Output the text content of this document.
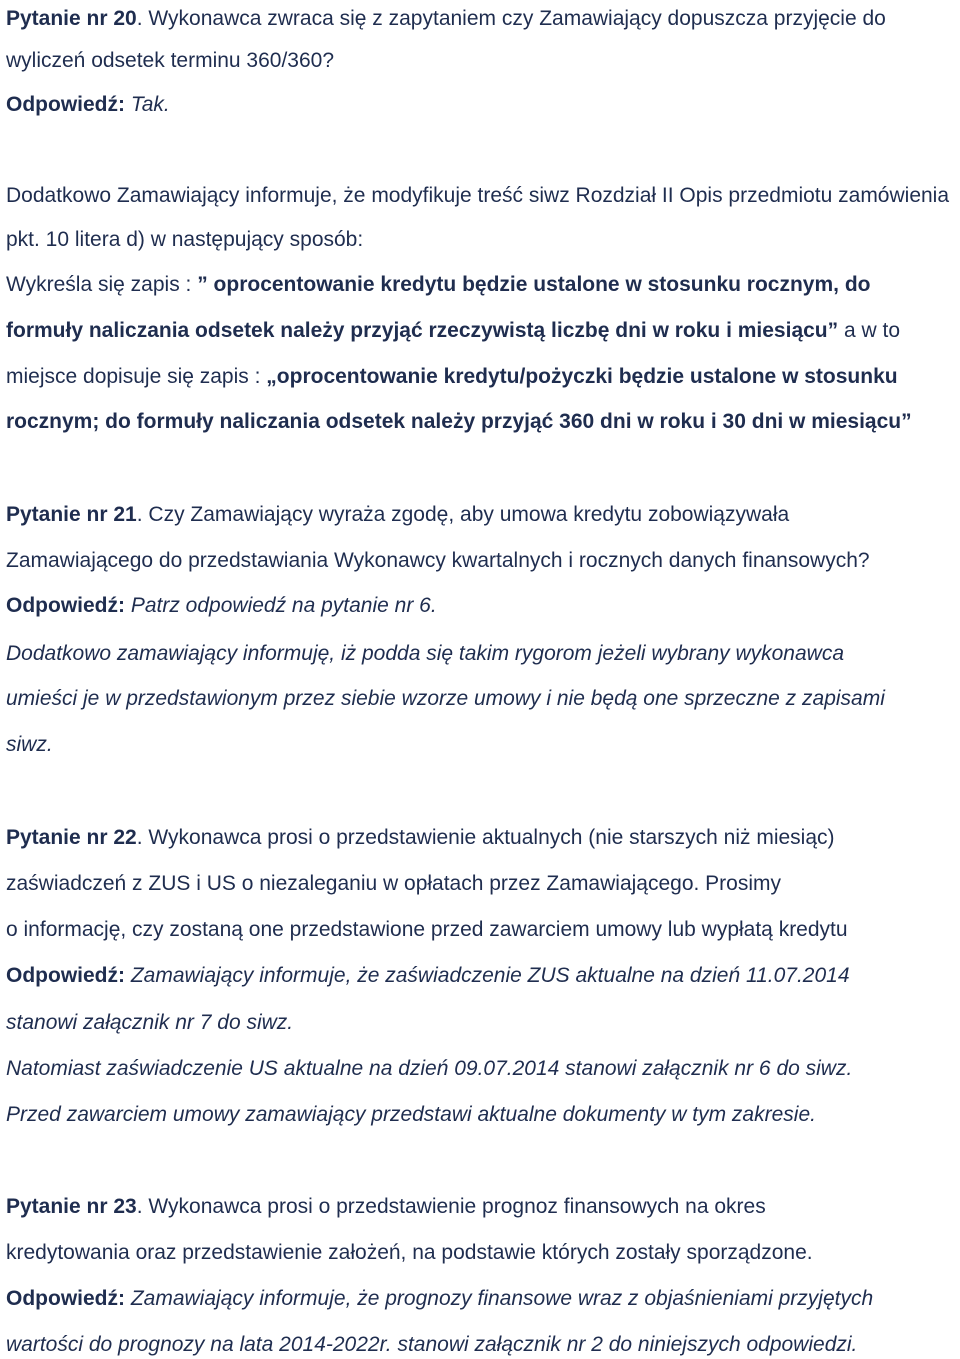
Pytanie nr 20. Wykonawca zwraca się z zapytaniem czy Zamawiający dopuszcza przyjęcie do

wyliczeń odsetek terminu 360/360?

Odpowiedź: Tak.

Dodatkowo Zamawiający informuje, że modyfikuje treść siwz Rozdział II Opis przedmiotu zamówienia

pkt. 10 litera d) w następujący sposób:

Wykreśla się zapis : ” oprocentowanie kredytu będzie ustalone w stosunku rocznym, do

formuły naliczania odsetek należy przyjąć rzeczywistą liczbę dni w roku i miesiącu” a w to

miejsce dopisuje się zapis : „oprocentowanie kredytu/pożyczki będzie ustalone w stosunku

rocznym; do formuły naliczania odsetek należy przyjąć 360 dni w roku i 30 dni w miesiącu”

Pytanie nr 21. Czy Zamawiający wyraża zgodę, aby umowa kredytu zobowiązywała

Zamawiającego do przedstawiania Wykonawcy kwartalnych i rocznych danych finansowych?

Odpowiedź: Patrz odpowiedź na pytanie nr 6.

Dodatkowo zamawiający informuję, iż podda się takim rygorom jeżeli wybrany wykonawca

umieści je w przedstawionym przez siebie wzorze umowy i nie będą one sprzeczne z zapisami

siwz.

Pytanie nr 22. Wykonawca prosi o przedstawienie aktualnych (nie starszych niż miesiąc)

zaświadczeń z ZUS i US o niezaleganiu w opłatach przez Zamawiającego. Prosimy

o informację, czy zostaną one przedstawione przed zawarciem umowy lub wypłatą kredytu

Odpowiedź: Zamawiający informuje, że zaświadczenie ZUS aktualne na dzień 11.07.2014

stanowi załącznik nr 7 do siwz.

Natomiast zaświadczenie US aktualne na dzień 09.07.2014 stanowi załącznik nr 6 do siwz.

Przed zawarciem umowy zamawiający przedstawi aktualne dokumenty w tym zakresie.

Pytanie nr 23. Wykonawca prosi o przedstawienie prognoz finansowych na okres

kredytowania oraz przedstawienie założeń, na podstawie których zostały sporządzone.

Odpowiedź: Zamawiający informuje, że prognozy finansowe wraz z objaśnieniami przyjętych

wartości do prognozy na lata 2014-2022r. stanowi załącznik nr 2 do niniejszych odpowiedzi.
